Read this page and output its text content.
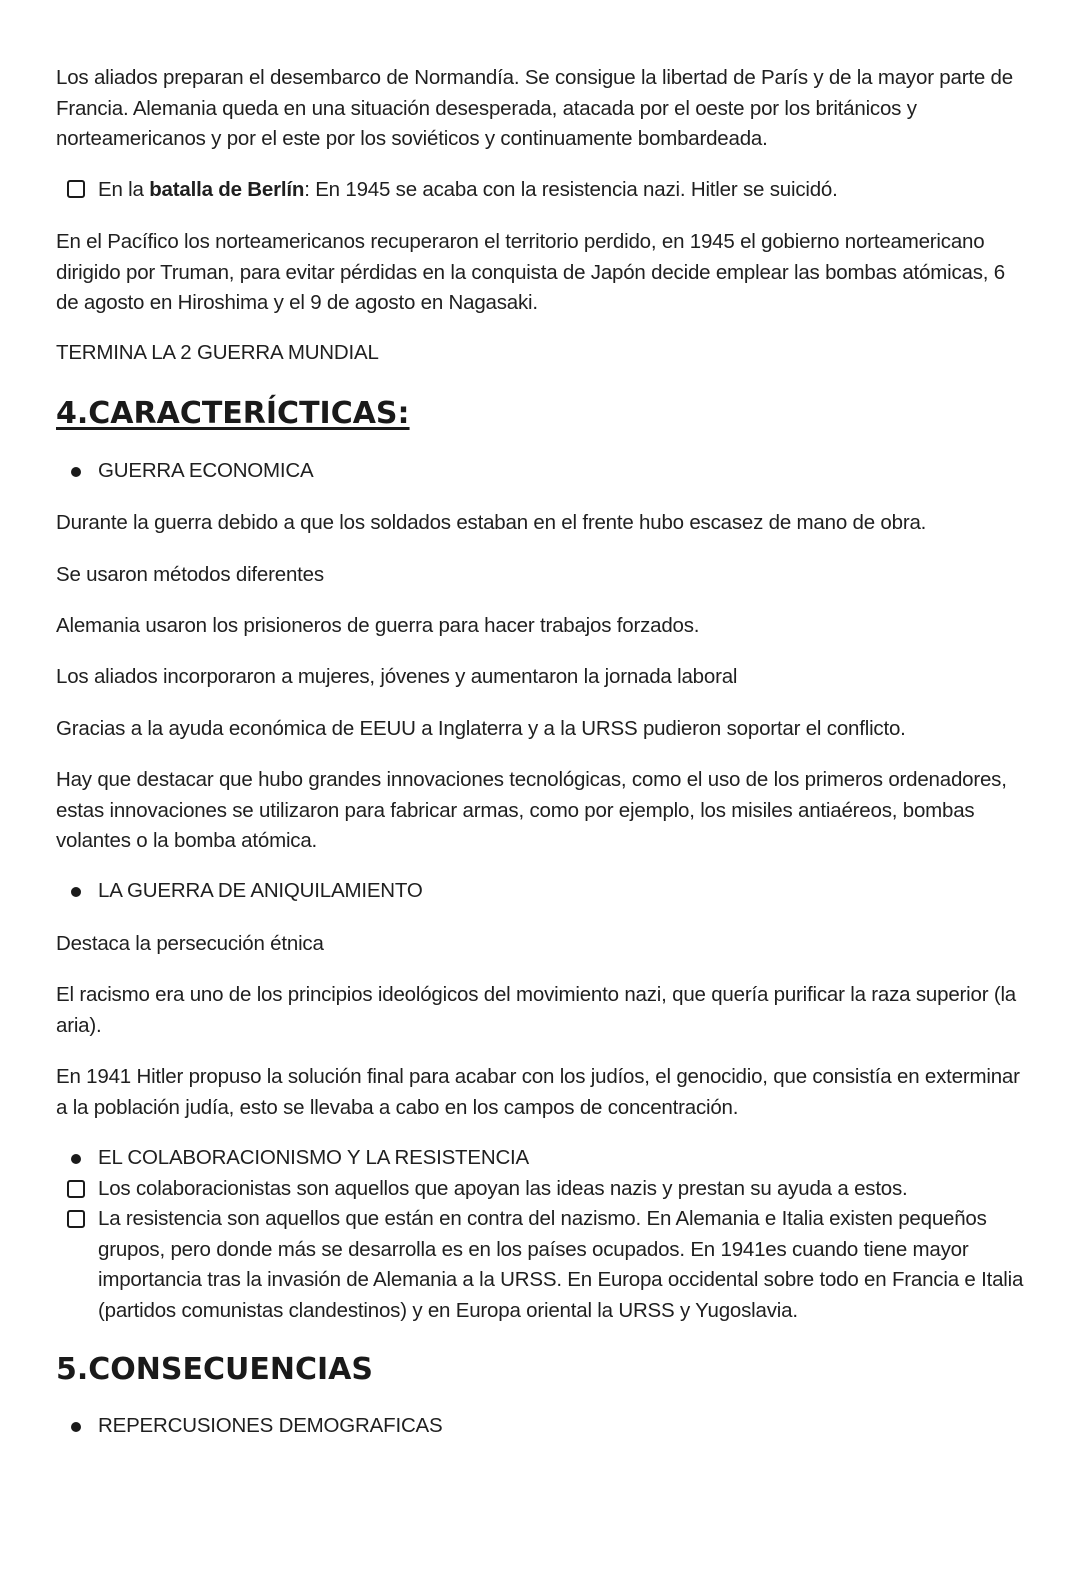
Los aliados preparan el desembarco de Normandía. Se consigue la libertad de París y de la mayor parte de Francia. Alemania queda en una situación desesperada, atacada por el oeste por los británicos y norteamericanos y por el este por los soviéticos y continuamente bombardeada.

En la batalla de Berlín: En 1945 se acaba con la resistencia nazi. Hitler se suicidó.

En el Pacífico los norteamericanos recuperaron el territorio perdido, en 1945 el gobierno norteamericano dirigido por Truman, para evitar pérdidas en la conquista de Japón decide emplear las bombas atómicas, 6 de agosto en Hiroshima y el 9 de agosto en Nagasaki.

TERMINA LA 2 GUERRA MUNDIAL

4.CARACTERÍCTICAS:

GUERRA ECONOMICA

Durante la guerra debido a que los soldados estaban en el frente hubo escasez de mano de obra.

Se usaron métodos diferentes

Alemania usaron los prisioneros de guerra para hacer trabajos forzados.

Los aliados incorporaron a mujeres, jóvenes y aumentaron la jornada laboral

Gracias a la ayuda económica de EEUU a Inglaterra y a la URSS pudieron soportar el conflicto.

Hay que destacar que hubo grandes innovaciones tecnológicas, como el uso de los primeros ordenadores, estas innovaciones se utilizaron para fabricar armas, como por ejemplo, los misiles antiaéreos, bombas volantes o la bomba atómica.

LA GUERRA DE ANIQUILAMIENTO

Destaca la persecución étnica

El racismo era uno de los principios ideológicos del movimiento nazi, que quería purificar la raza superior (la aria).

En 1941 Hitler propuso la solución final para acabar con los judíos, el genocidio, que consistía en exterminar a la población judía, esto se llevaba a cabo en los campos de concentración.

EL COLABORACIONISMO Y LA RESISTENCIA

Los colaboracionistas son aquellos que apoyan las ideas nazis y prestan su ayuda a estos.

La resistencia son aquellos que están en contra del nazismo. En Alemania e Italia existen pequeños grupos, pero donde más se desarrolla es en los países ocupados. En 1941es cuando tiene mayor importancia tras la invasión de Alemania a la URSS. En Europa occidental sobre todo en Francia e Italia (partidos comunistas clandestinos) y en Europa oriental la URSS y Yugoslavia.

5.CONSECUENCIAS

REPERCUSIONES DEMOGRAFICAS
